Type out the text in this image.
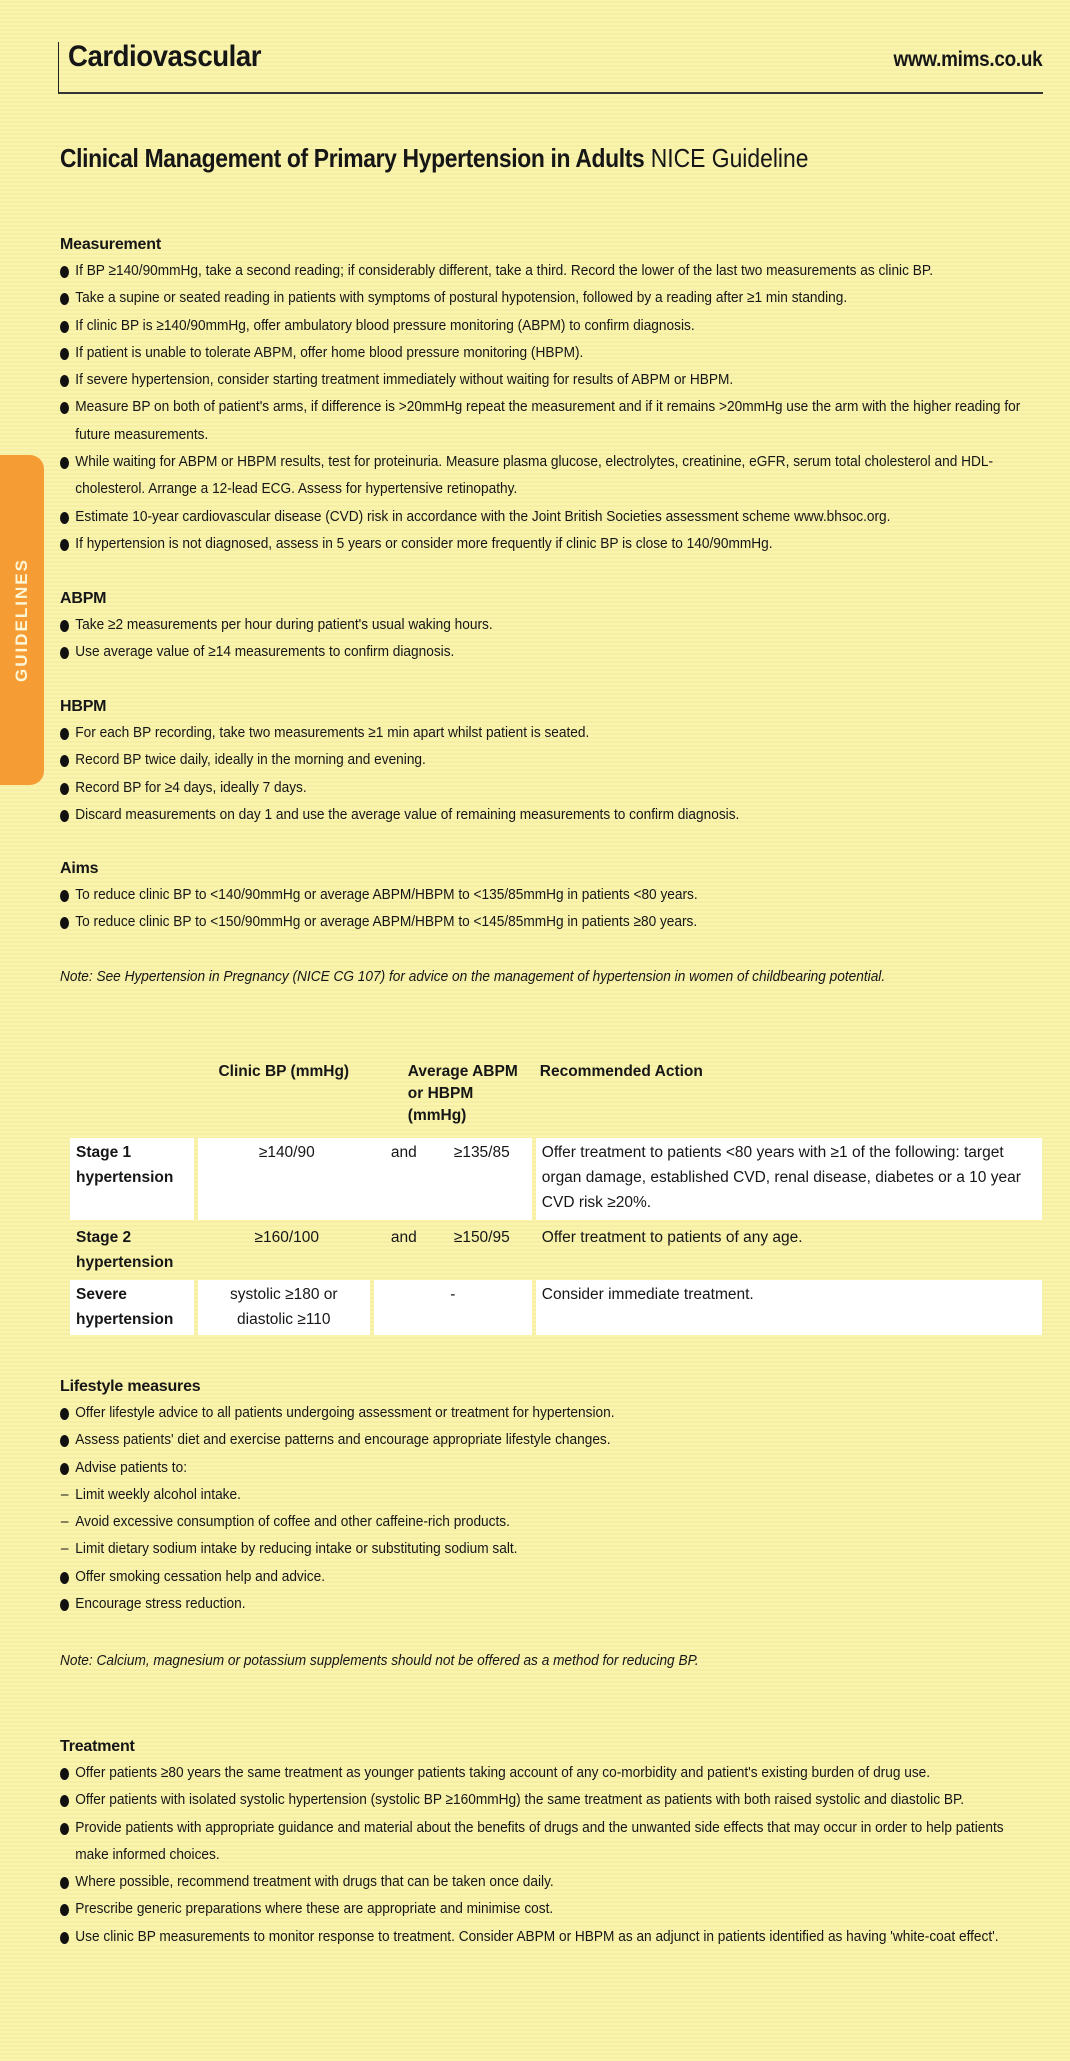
Cardiovascular	www.mims.co.uk
Clinical Management of Primary Hypertension in Adults NICE Guideline
GUIDELINES
Measurement
If BP ≥140/90mmHg, take a second reading; if considerably different, take a third. Record the lower of the last two measurements as clinic BP.
Take a supine or seated reading in patients with symptoms of postural hypotension, followed by a reading after ≥1 min standing.
If clinic BP is ≥140/90mmHg, offer ambulatory blood pressure monitoring (ABPM) to confirm diagnosis.
If patient is unable to tolerate ABPM, offer home blood pressure monitoring (HBPM).
If severe hypertension, consider starting treatment immediately without waiting for results of ABPM or HBPM.
Measure BP on both of patient's arms, if difference is >20mmHg repeat the measurement and if it remains >20mmHg use the arm with the higher reading for future measurements.
While waiting for ABPM or HBPM results, test for proteinuria. Measure plasma glucose, electrolytes, creatinine, eGFR, serum total cholesterol and HDL-cholesterol. Arrange a 12-lead ECG. Assess for hypertensive retinopathy.
Estimate 10-year cardiovascular disease (CVD) risk in accordance with the Joint British Societies assessment scheme www.bhsoc.org.
If hypertension is not diagnosed, assess in 5 years or consider more frequently if clinic BP is close to 140/90mmHg.
ABPM
Take ≥2 measurements per hour during patient's usual waking hours.
Use average value of ≥14 measurements to confirm diagnosis.
HBPM
For each BP recording, take two measurements ≥1 min apart whilst patient is seated.
Record BP twice daily, ideally in the morning and evening.
Record BP for ≥4 days, ideally 7 days.
Discard measurements on day 1 and use the average value of remaining measurements to confirm diagnosis.
Aims
To reduce clinic BP to <140/90mmHg or average ABPM/HBPM to <135/85mmHg in patients <80 years.
To reduce clinic BP to <150/90mmHg or average ABPM/HBPM to <145/85mmHg in patients ≥80 years.
Note: See Hypertension in Pregnancy (NICE CG 107) for advice on the management of hypertension in women of childbearing potential.
	Clinic BP (mmHg)		Average ABPM or HBPM (mmHg)	Recommended Action
Stage 1 hypertension	≥140/90 and ≥135/85			Offer treatment to patients <80 years with ≥1 of the following: target organ damage, established CVD, renal disease, diabetes or a 10 year CVD risk ≥20%.
Stage 2 hypertension	≥160/100 and ≥150/95			Offer treatment to patients of any age.
Severe hypertension	systolic ≥180 or diastolic ≥110	-		Consider immediate treatment.
Lifestyle measures
Offer lifestyle advice to all patients undergoing assessment or treatment for hypertension.
Assess patients' diet and exercise patterns and encourage appropriate lifestyle changes.
Advise patients to:
– Limit weekly alcohol intake.
– Avoid excessive consumption of coffee and other caffeine-rich products.
– Limit dietary sodium intake by reducing intake or substituting sodium salt.
Offer smoking cessation help and advice.
Encourage stress reduction.
Note: Calcium, magnesium or potassium supplements should not be offered as a method for reducing BP.
Treatment
Offer patients ≥80 years the same treatment as younger patients taking account of any co-morbidity and patient's existing burden of drug use.
Offer patients with isolated systolic hypertension (systolic BP ≥160mmHg) the same treatment as patients with both raised systolic and diastolic BP.
Provide patients with appropriate guidance and material about the benefits of drugs and the unwanted side effects that may occur in order to help patients make informed choices.
Where possible, recommend treatment with drugs that can be taken once daily.
Prescribe generic preparations where these are appropriate and minimise cost.
Use clinic BP measurements to monitor response to treatment. Consider ABPM or HBPM as an adjunct in patients identified as having 'white-coat effect'.
